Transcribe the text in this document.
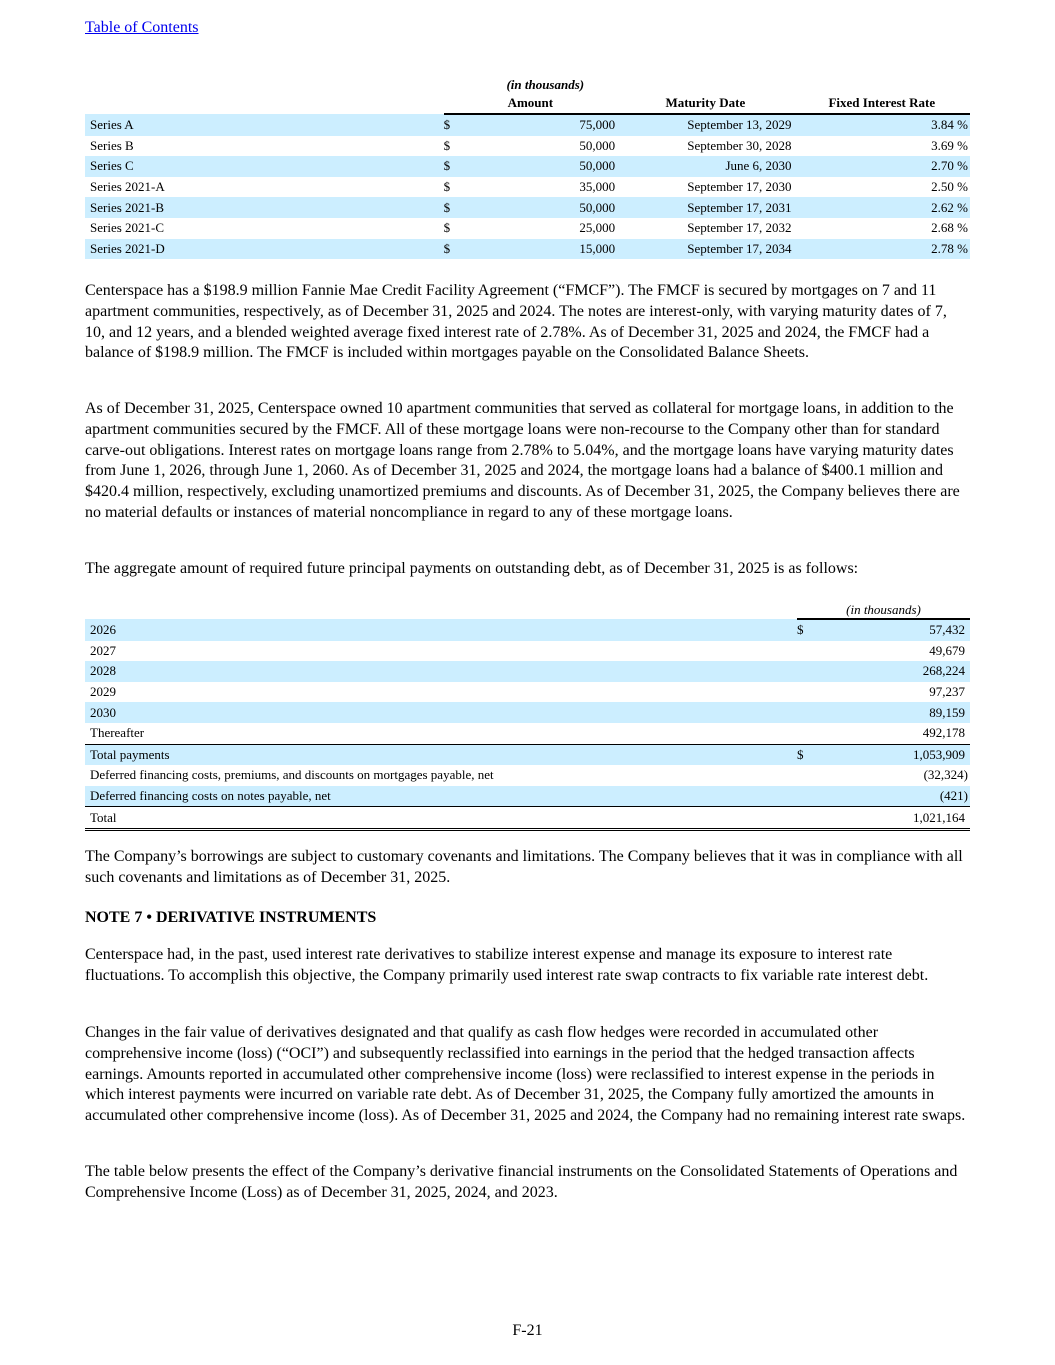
Table of Contents
		(in thousands)		
	Amount		Maturity Date	Fixed Interest Rate
Series A	$	75,000	September 13, 2029	3.84 %
Series B	$	50,000	September 30, 2028	3.69 %
Series C	$	50,000	June 6, 2030	2.70 %
Series 2021-A	$	35,000	September 17, 2030	2.50 %
Series 2021-B	$	50,000	September 17, 2031	2.62 %
Series 2021-C	$	25,000	September 17, 2032	2.68 %
Series 2021-D	$	15,000	September 17, 2034	2.78 %

Centerspace has a $198.9 million Fannie Mae Credit Facility Agreement (“FMCF”). The FMCF is secured by mortgages on 7 and 11 apartment communities, respectively, as of December 31, 2025 and 2024. The notes are interest-only, with varying maturity dates of 7, 10, and 12 years, and a blended weighted average fixed interest rate of 2.78%. As of December 31, 2025 and 2024, the FMCF had a balance of $198.9 million. The FMCF is included within mortgages payable on the Consolidated Balance Sheets.

As of December 31, 2025, Centerspace owned 10 apartment communities that served as collateral for mortgage loans, in addition to the apartment communities secured by the FMCF. All of these mortgage loans were non-recourse to the Company other than for standard carve-out obligations. Interest rates on mortgage loans range from 2.78% to 5.04%, and the mortgage loans have varying maturity dates from June 1, 2026, through June 1, 2060. As of December 31, 2025 and 2024, the mortgage loans had a balance of $400.1 million and $420.4 million, respectively, excluding unamortized premiums and discounts. As of December 31, 2025, the Company believes there are no material defaults or instances of material noncompliance in regard to any of these mortgage loans.

The aggregate amount of required future principal payments on outstanding debt, as of December 31, 2025 is as follows:

	(in thousands)	
2026	$	57,432
2027		49,679
2028		268,224
2029		97,237
2030		89,159
Thereafter		492,178
Total payments	$	1,053,909
Deferred financing costs, premiums, and discounts on mortgages payable, net		(32,324)
Deferred financing costs on notes payable, net		(421)
Total		1,021,164

The Company’s borrowings are subject to customary covenants and limitations. The Company believes that it was in compliance with all such covenants and limitations as of December 31, 2025.

NOTE 7 • DERIVATIVE INSTRUMENTS

Centerspace had, in the past, used interest rate derivatives to stabilize interest expense and manage its exposure to interest rate fluctuations. To accomplish this objective, the Company primarily used interest rate swap contracts to fix variable rate interest debt.

Changes in the fair value of derivatives designated and that qualify as cash flow hedges were recorded in accumulated other comprehensive income (loss) (“OCI”) and subsequently reclassified into earnings in the period that the hedged transaction affects earnings. Amounts reported in accumulated other comprehensive income (loss) were reclassified to interest expense in the periods in which interest payments were incurred on variable rate debt. As of December 31, 2025, the Company fully amortized the amounts in accumulated other comprehensive income (loss). As of December 31, 2025 and 2024, the Company had no remaining interest rate swaps.

The table below presents the effect of the Company’s derivative financial instruments on the Consolidated Statements of Operations and Comprehensive Income (Loss) as of December 31, 2025, 2024, and 2023.

F-21
